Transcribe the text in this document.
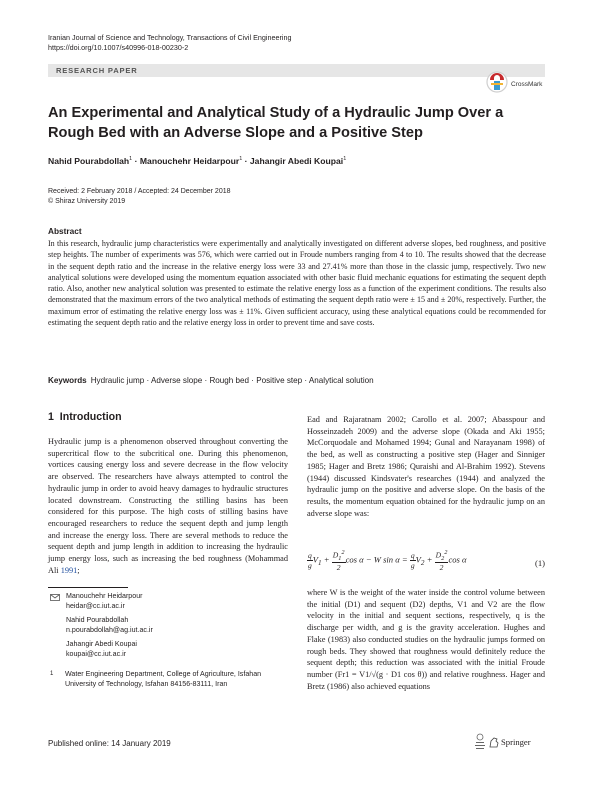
Iranian Journal of Science and Technology, Transactions of Civil Engineering
https://doi.org/10.1007/s40996-018-00230-2
RESEARCH PAPER
CrossMark
An Experimental and Analytical Study of a Hydraulic Jump Over a Rough Bed with an Adverse Slope and a Positive Step
Nahid Pourabdollah$^1$ · Manouchehr Heidarpour$^1$ · Jahangir Abedi Koupai$^1$
Received: 2 February 2018 / Accepted: 24 December 2018
© Shiraz University 2019
Abstract
In this research, hydraulic jump characteristics were experimentally and analytically investigated on different adverse slopes, bed roughness, and positive step heights. The number of experiments was 576, which were carried out in Froude numbers ranging from 4 to 10. The results showed that the decrease in the sequent depth ratio and the increase in the relative energy loss were 33 and 27.41% more than those in the classic jump, respectively. Two new analytical solutions were developed using the momentum equation associated with other basic fluid mechanic equations for estimating the sequent depth ratio. Also, another new analytical solution was presented to estimate the relative energy loss as a function of the experiment conditions. The results also demonstrated that the maximum errors of the two analytical methods of estimating the sequent depth ratio were ± 15 and ± 20%, respectively. Further, the maximum error of estimating the relative energy loss was ± 11%. Given sufficient accuracy, using these analytical equations could be recommended for estimating the sequent depth ratio and the relative energy loss in order to prevent time and save costs.
Keywords Hydraulic jump · Adverse slope · Rough bed · Positive step · Analytical solution
1 Introduction
Hydraulic jump is a phenomenon observed throughout converting the supercritical flow to the subcritical one. During this phenomenon, vortices causing energy loss and severe decrease in the flow velocity are observed. The researchers have always attempted to control the hydraulic jump in order to avoid heavy damages to hydraulic structures located downstream. Constructing the stilling basins has been considered for this purpose. The high costs of stilling basins have encouraged researchers to reduce the sequent depth and jump length and increase the energy loss. There are several methods to reduce the sequent depth and jump length in addition to increasing the hydraulic jump energy loss, such as increasing the bed roughness (Mohammad Ali 1991;
Ead and Rajaratnam 2002; Carollo et al. 2007; Abasspour and Hosseinzadeh 2009) and the adverse slope (Okada and Aki 1955; McCorquodale and Mohamed 1994; Gunal and Narayanam 1998) of the bed, as well as constructing a positive step (Hager and Sinniger 1985; Hager and Bretz 1986; Quraishi and Al-Brahim 1992). Stevens (1944) discussed Kindsvater's researches (1944) and analyzed the hydraulic jump on the positive and adverse slope. On the basis of the results, the momentum equation obtained for the hydraulic jump on an adverse slope was:
$\frac{q}{g} V_1 + \frac{D_1^2}{2}$ cos α − W $\sin \alpha = \frac{q}{g} V_2 + \frac{D_2^2}{2}$ cos α	(1)
where W is the weight of the water inside the control volume between the initial (D1) and sequent (D2) depths, V1 and V2 are the flow velocity in the initial and sequent sections, respectively, q is the discharge per width, and g is the gravity acceleration. Hughes and Flake (1983) also conducted studies on the hydraulic jumps formed on rough beds. They showed that roughness would definitely reduce the sequent depth; this reduction was associated with the initial Froude number (Fr1 = V1/√(g · D1 cos θ)) and relative roughness. Hager and Bretz (1986) also achieved equations
Manouchehr Heidarpour
heidar@cc.iut.ac.ir
Nahid Pourabdollah
n.pourabdollah@ag.iut.ac.ir
Jahangir Abedi Koupai
koupai@cc.iut.ac.ir
1 Water Engineering Department, College of Agriculture, Isfahan University of Technology, Isfahan 84156-83111, Iran
Published online: 14 January 2019	Springer
